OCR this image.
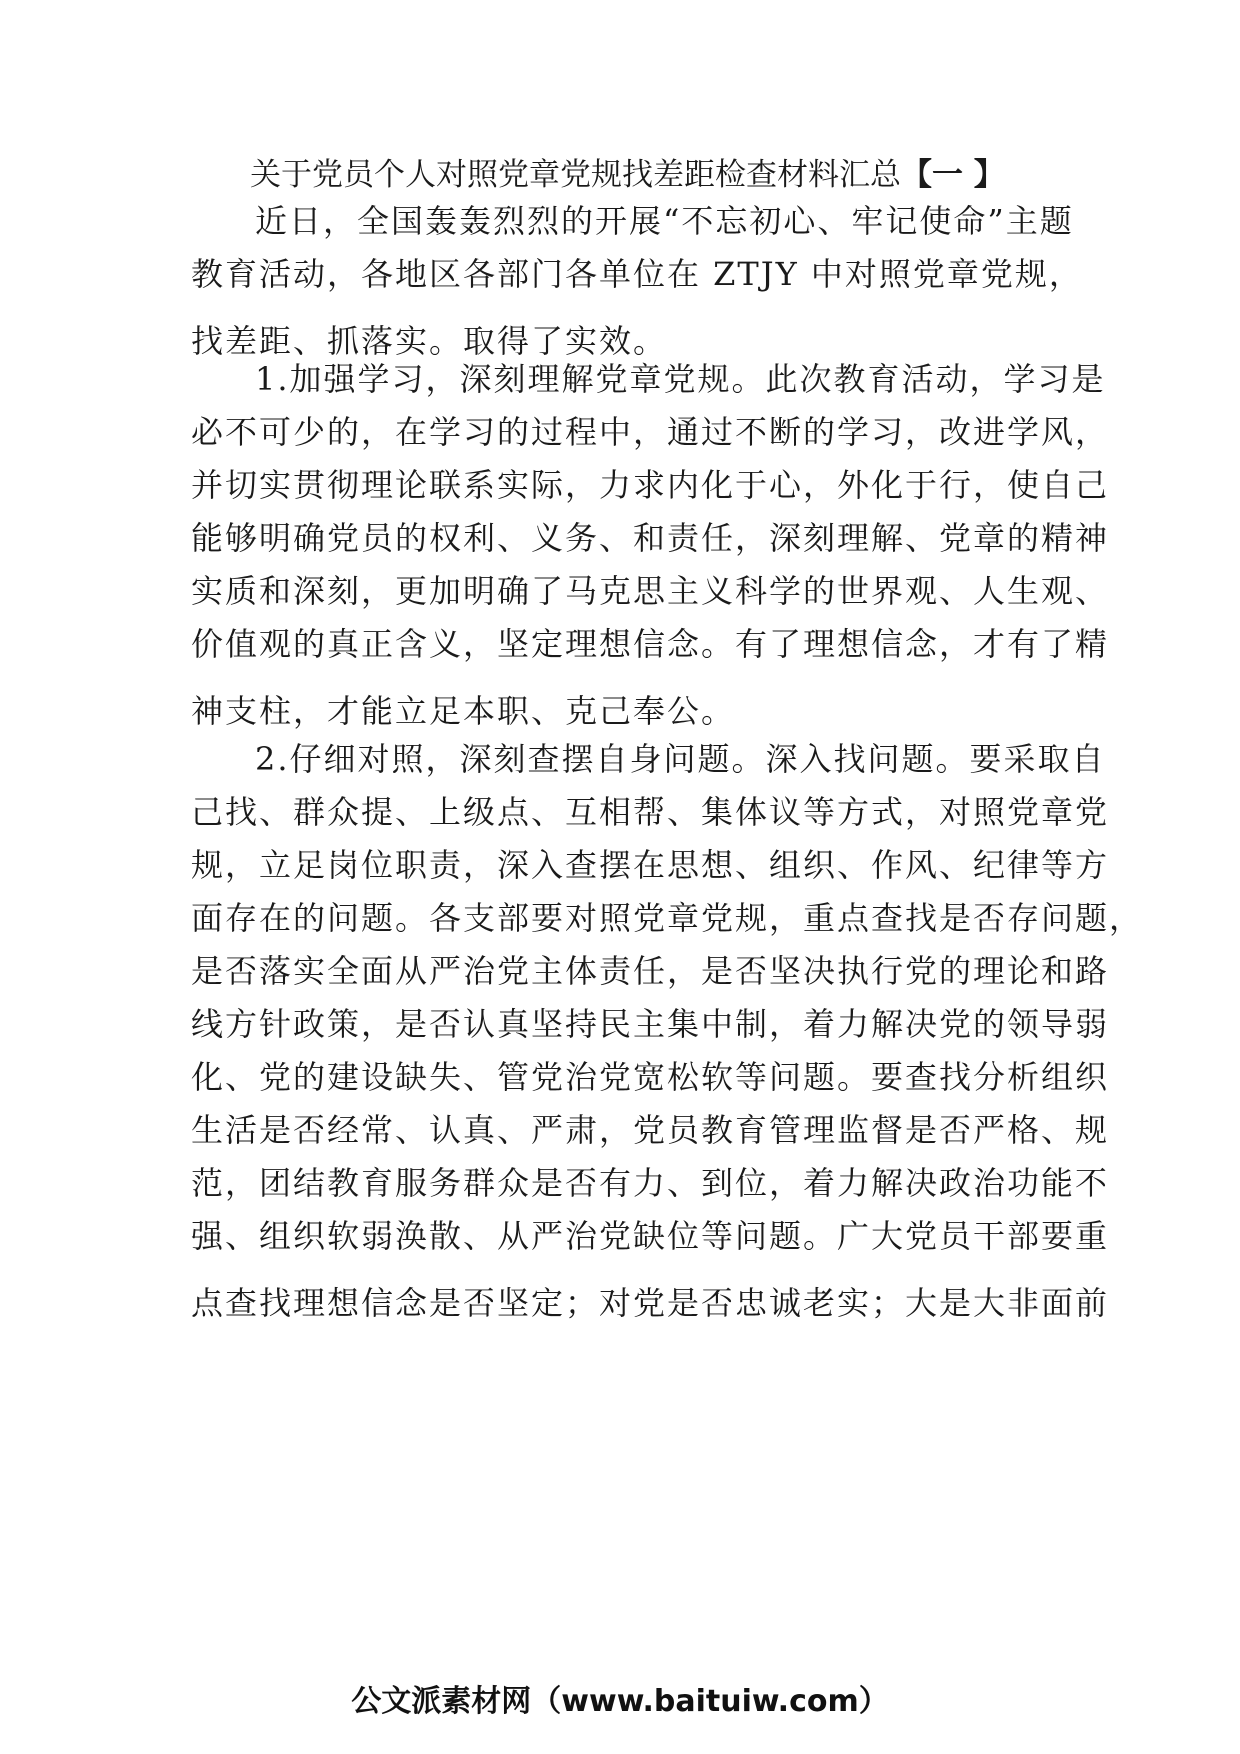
关于党员个人对照党章党规找差距检查材料汇总【一 】
近日，全国轰轰烈烈的开展“不忘初心、牢记使命”主题
教育活动，各地区各部门各单位在 ZTJY 中对照党章党规，
找差距、抓落实。取得了实效。
1.加强学习，深刻理解党章党规。此次教育活动，学习是
必不可少的，在学习的过程中，通过不断的学习，改进学风，
并切实贯彻理论联系实际，力求内化于心，外化于行，使自己
能够明确党员的权利、义务、和责任，深刻理解、党章的精神
实质和深刻，更加明确了马克思主义科学的世界观、人生观、
价值观的真正含义，坚定理想信念。有了理想信念，才有了精
神支柱，才能立足本职、克己奉公。
2.仔细对照，深刻查摆自身问题。深入找问题。要采取自
己找、群众提、上级点、互相帮、集体议等方式，对照党章党
规，立足岗位职责，深入查摆在思想、组织、作风、纪律等方
面存在的问题。各支部要对照党章党规，重点查找是否存问题，
是否落实全面从严治党主体责任，是否坚决执行党的理论和路
线方针政策，是否认真坚持民主集中制，着力解决党的领导弱
化、党的建设缺失、管党治党宽松软等问题。要查找分析组织
生活是否经常、认真、严肃，党员教育管理监督是否严格、规
范，团结教育服务群众是否有力、到位，着力解决政治功能不
强、组织软弱涣散、从严治党缺位等问题。广大党员干部要重
点查找理想信念是否坚定；对党是否忠诚老实；大是大非面前
公文派素材网（www.baituiw.com）
